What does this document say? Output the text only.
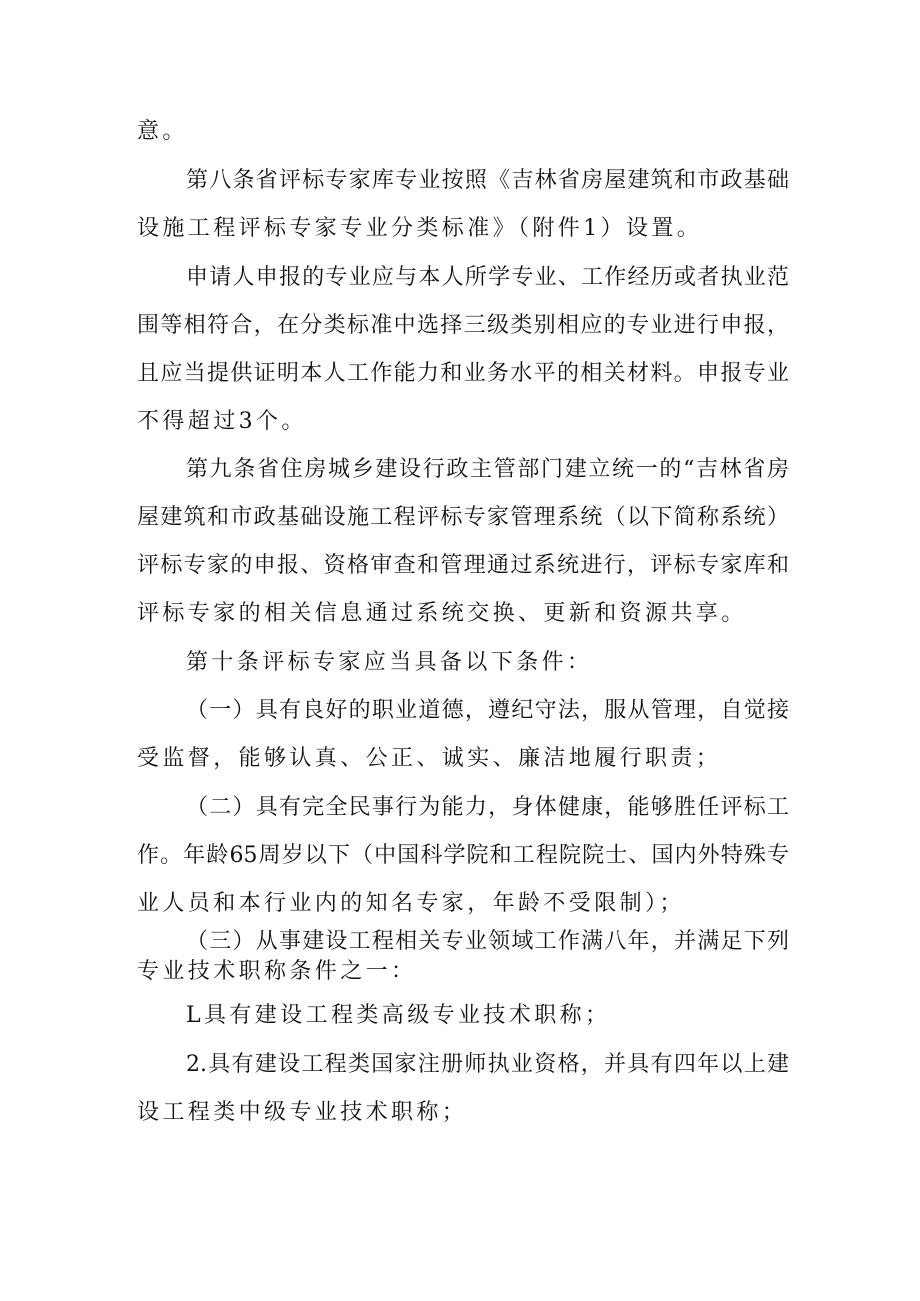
意。
第八条省评标专家库专业按照《吉林省房屋建筑和市政基础
设施工程评标专家专业分类标准》（附件1）设置。
申请人申报的专业应与本人所学专业、工作经历或者执业范
围等相符合，在分类标准中选择三级类别相应的专业进行申报，
且应当提供证明本人工作能力和业务水平的相关材料。申报专业
不得超过3个。
第九条省住房城乡建设行政主管部门建立统一的“吉林省房
屋建筑和市政基础设施工程评标专家管理系统（以下简称系统）
评标专家的申报、资格审查和管理通过系统进行，评标专家库和
评标专家的相关信息通过系统交换、更新和资源共享。
第十条评标专家应当具备以下条件：
（一）具有良好的职业道德，遵纪守法，服从管理，自觉接
受监督，能够认真、公正、诚实、廉洁地履行职责；
（二）具有完全民事行为能力，身体健康，能够胜任评标工
作。年龄65周岁以下（中国科学院和工程院院士、国内外特殊专
业人员和本行业内的知名专家，年龄不受限制）；
（三）从事建设工程相关专业领域工作满八年，并满足下列
专业技术职称条件之一：
L具有建设工程类高级专业技术职称；
2.具有建设工程类国家注册师执业资格，并具有四年以上建
设工程类中级专业技术职称；
